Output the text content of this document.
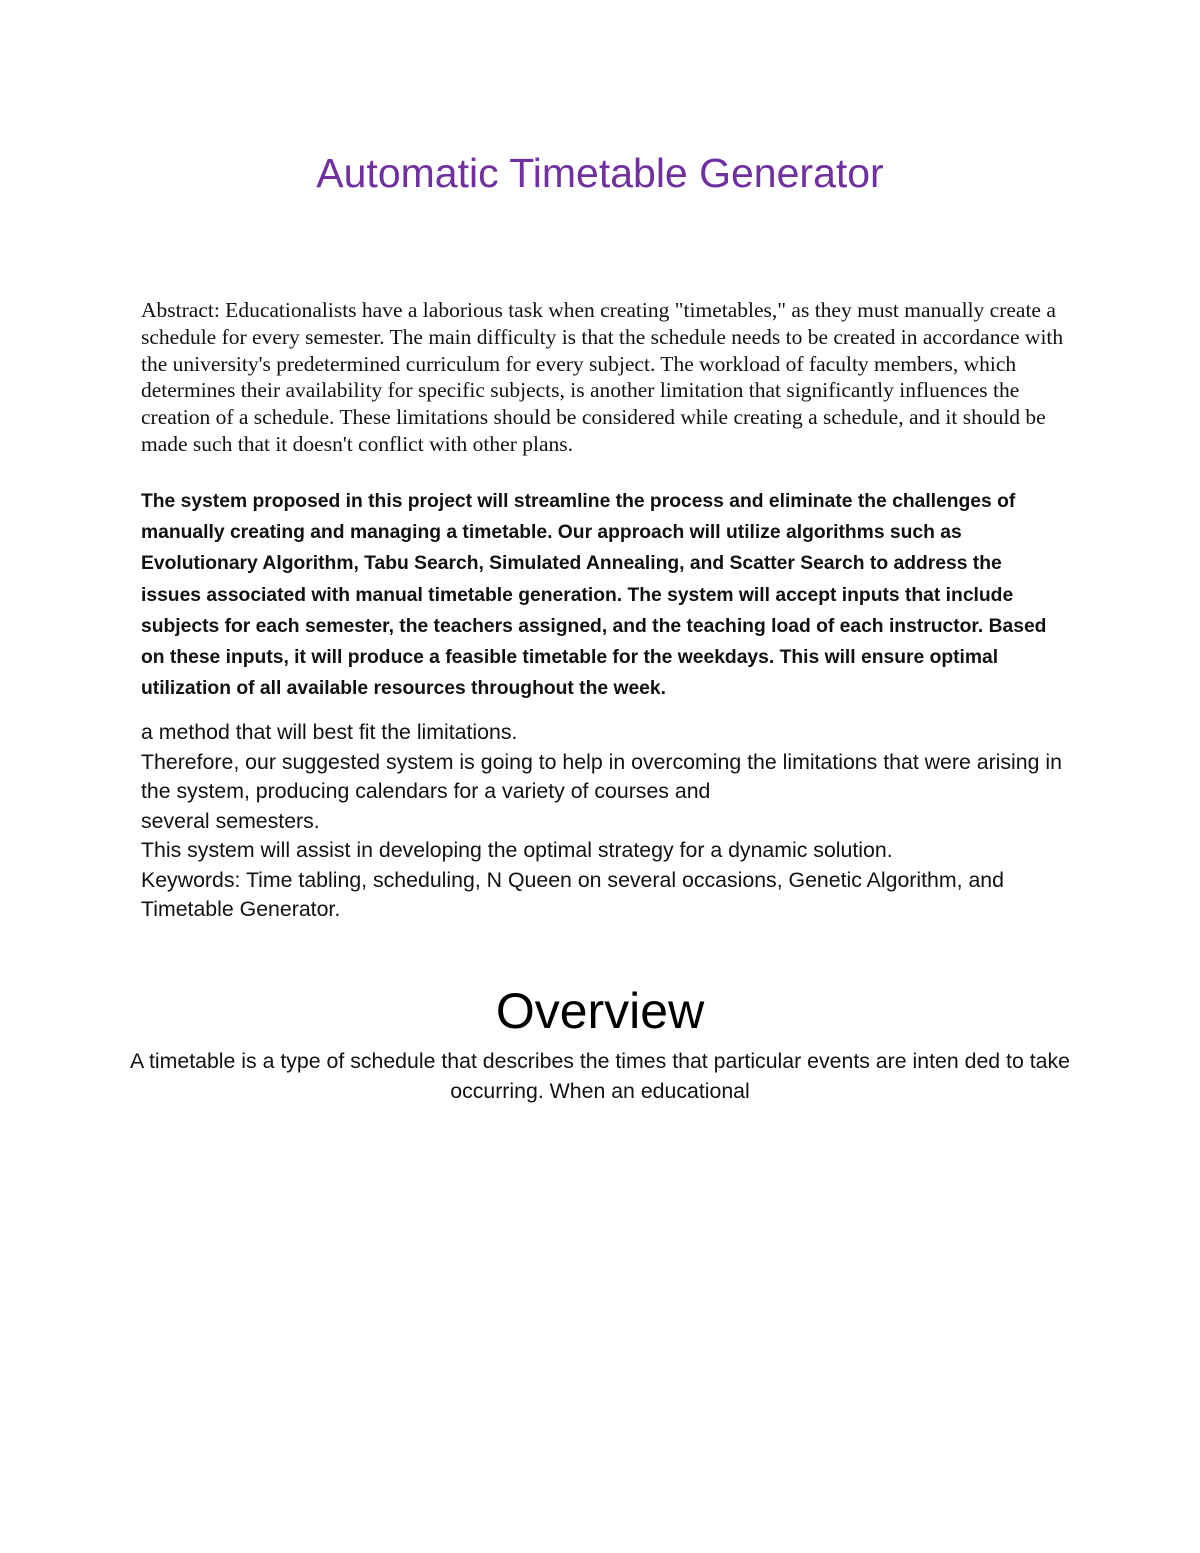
Automatic Timetable Generator

Abstract: Educationalists have a laborious task when creating "timetables," as they must manually create a schedule for every semester. The main difficulty is that the schedule needs to be created in accordance with the university's predetermined curriculum for every subject. The workload of faculty members, which determines their availability for specific subjects, is another limitation that significantly influences the creation of a schedule. These limitations should be considered while creating a schedule, and it should be made such that it doesn't conflict with other plans.

The system proposed in this project will streamline the process and eliminate the challenges of manually creating and managing a timetable. Our approach will utilize algorithms such as Evolutionary Algorithm, Tabu Search, Simulated Annealing, and Scatter Search to address the issues associated with manual timetable generation. The system will accept inputs that include subjects for each semester, the teachers assigned, and the teaching load of each instructor. Based on these inputs, it will produce a feasible timetable for the weekdays. This will ensure optimal utilization of all available resources throughout the week.

a method that will best fit the limitations.
Therefore, our suggested system is going to help in overcoming the limitations that were arising in the system, producing calendars for a variety of courses and
several semesters.
This system will assist in developing the optimal strategy for a dynamic solution.
Keywords: Time tabling, scheduling, N Queen on several occasions, Genetic Algorithm, and Timetable Generator.
Overview

A timetable is a type of schedule that describes the times that particular events are inten ded to take occurring. When an educational
